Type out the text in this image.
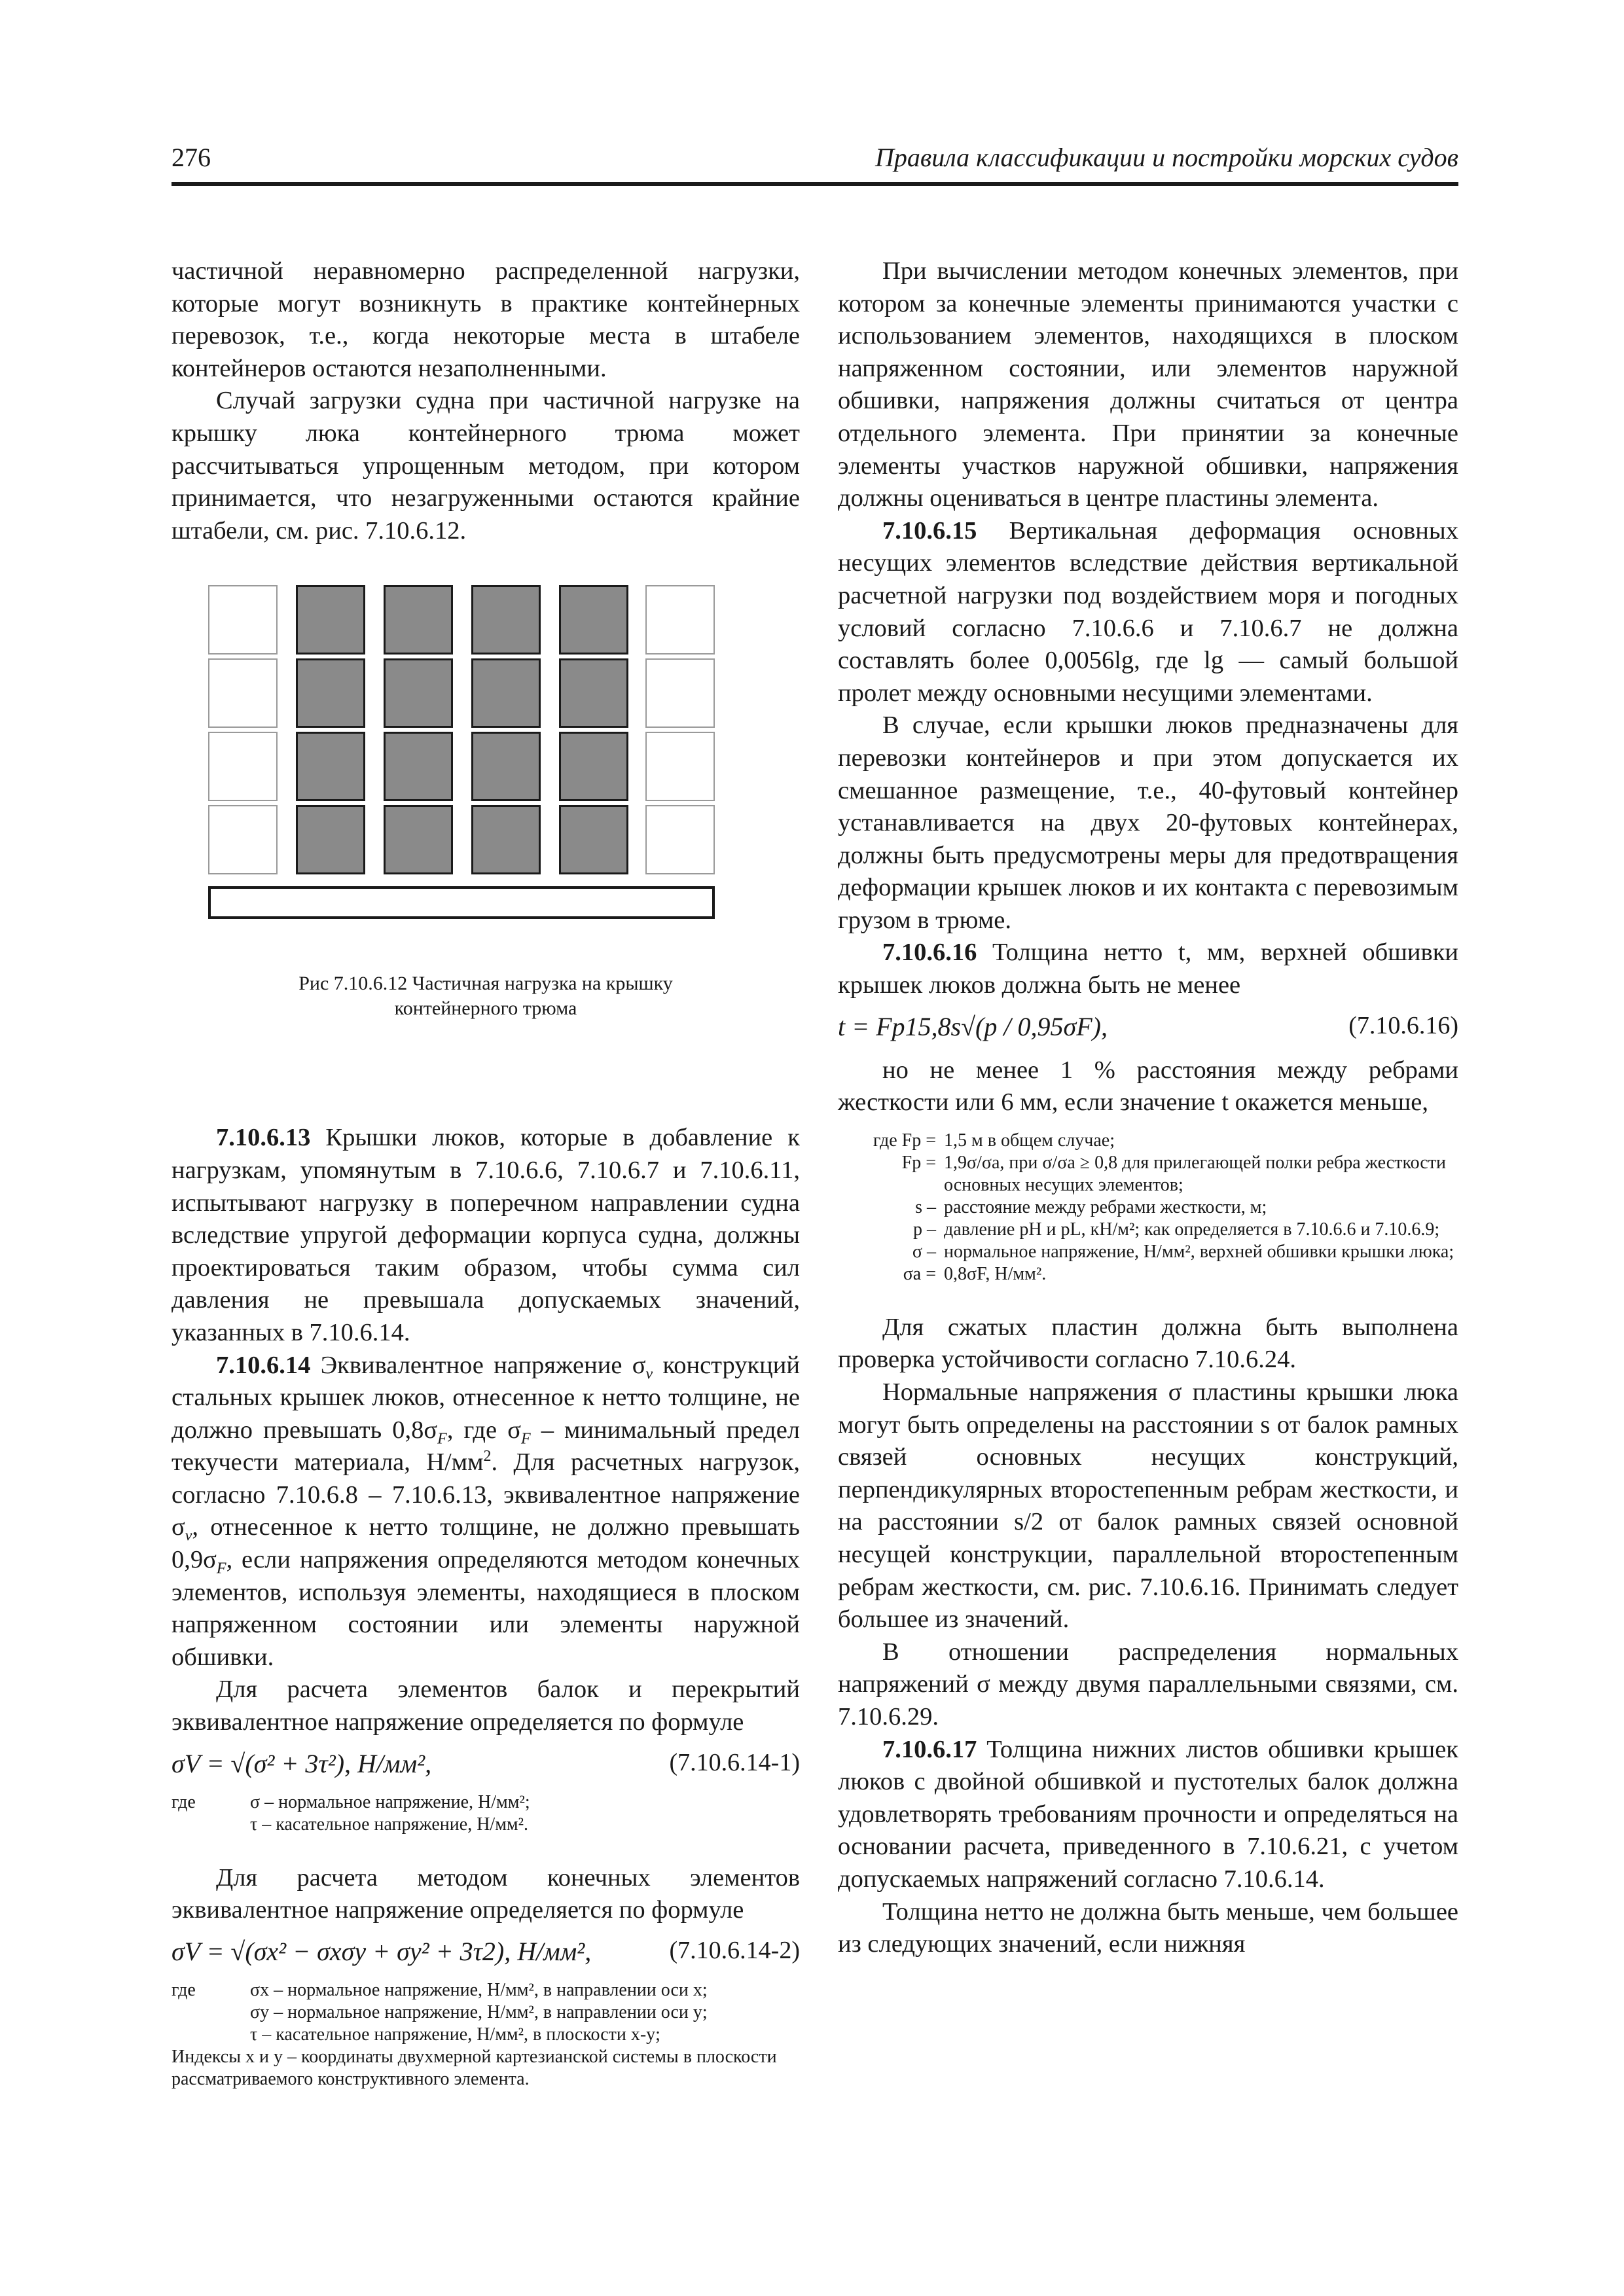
276	Правила классификации и постройки морских судов

частичной неравномерно распределенной нагрузки, которые могут возникнуть в практике контейнерных перевозок, т.е., когда некоторые места в штабеле контейнеров остаются незаполненными.

Случай загрузки судна при частичной нагрузке на крышку люка контейнерного трюма может рассчитываться упрощенным методом, при котором принимается, что незагруженными остаются крайние штабели, см. рис. 7.10.6.12.

Рис 7.10.6.12 Частичная нагрузка на крышку
контейнерного трюма

7.10.6.13 Крышки люков, которые в добавление к нагрузкам, упомянутым в 7.10.6.6, 7.10.6.7 и 7.10.6.11, испытывают нагрузку в поперечном направлении судна вследствие упругой деформации корпуса судна, должны проектироваться таким образом, чтобы сумма сил давления не превышала допускаемых значений, указанных в 7.10.6.14.

7.10.6.14 Эквивалентное напряжение $\sigma_v$ конструкций стальных крышек люков, отнесенное к нетто толщине, не должно превышать $0,8\sigma_F$, где $\sigma_F$ – минимальный предел текучести материала, $Н/мм^2$. Для расчетных нагрузок, согласно 7.10.6.8 – 7.10.6.13, эквивалентное напряжение $\sigma_v$, отнесенное к нетто толщине, не должно превышать $0,9\sigma_F$, если напряжения определяются методом конечных элементов, используя элементы, находящиеся в плоском напряженном состоянии или элементы наружной обшивки.

Для расчета элементов балок и перекрытий эквивалентное напряжение определяется по формуле

σV = √(σ² + 3τ²), Н/мм²,	(7.10.6.14-1)
где	σ – нормальное напряжение, Н/мм²;
τ – касательное напряжение, Н/мм².

Для расчета методом конечных элементов эквивалентное напряжение определяется по формуле

σV = √(σx² − σxσy + σy² + 3τ2), Н/мм²,	(7.10.6.14-2)
где	σx – нормальное напряжение, Н/мм², в направлении оси x;
σy – нормальное напряжение, Н/мм², в направлении оси y;
τ – касательное напряжение, Н/мм², в плоскости x-y;
Индексы x и y – координаты двухмерной картезианской системы в плоскости рассматриваемого конструктивного элемента.

При вычислении методом конечных элементов, при котором за конечные элементы принимаются участки с использованием элементов, находящихся в плоском напряженном состоянии, или элементов наружной обшивки, напряжения должны считаться от центра отдельного элемента. При принятии за конечные элементы участков наружной обшивки, напряжения должны оцениваться в центре пластины элемента.

7.10.6.15 Вертикальная деформация основных несущих элементов вследствие действия вертикальной расчетной нагрузки под воздействием моря и погодных условий согласно 7.10.6.6 и 7.10.6.7 не должна составлять более 0,0056lg, где lg — самый большой пролет между основными несущими элементами.

В случае, если крышки люков предназначены для перевозки контейнеров и при этом допускается их смешанное размещение, т.е., 40-футовый контейнер устанавливается на двух 20-футовых контейнерах, должны быть предусмотрены меры для предотвращения деформации крышек люков и их контакта с перевозимым грузом в трюме.

7.10.6.16 Толщина нетто t, мм, верхней обшивки крышек люков должна быть не менее

t = Fp15,8s√(p / 0,95σF),	(7.10.6.16)

но не менее 1 % расстояния между ребрами жесткости или 6 мм, если значение t окажется меньше,

где Fp = 1,5 м в общем случае;
Fp = 1,9σ/σa, при σ/σa ≥ 0,8 для прилегающей полки ребра жесткости основных несущих элементов;
s – расстояние между ребрами жесткости, м;
p – давление pH и pL, кН/м²; как определяется в 7.10.6.6 и 7.10.6.9;
σ – нормальное напряжение, Н/мм², верхней обшивки крышки люка;
σa = 0,8σF, Н/мм².

Для сжатых пластин должна быть выполнена проверка устойчивости согласно 7.10.6.24.

Нормальные напряжения σ пластины крышки люка могут быть определены на расстоянии s от балок рамных связей основных несущих конструкций, перпендикулярных второстепенным ребрам жесткости, и на расстоянии s/2 от балок рамных связей основной несущей конструкции, параллельной второстепенным ребрам жесткости, см. рис. 7.10.6.16. Принимать следует большее из значений.

В отношении распределения нормальных напряжений σ между двумя параллельными связями, см. 7.10.6.29.

7.10.6.17 Толщина нижних листов обшивки крышек люков с двойной обшивкой и пустотелых балок должна удовлетворять требованиям прочности и определяться на основании расчета, приведенного в 7.10.6.21, с учетом допускаемых напряжений согласно 7.10.6.14.

Толщина нетто не должна быть меньше, чем большее из следующих значений, если нижняя
